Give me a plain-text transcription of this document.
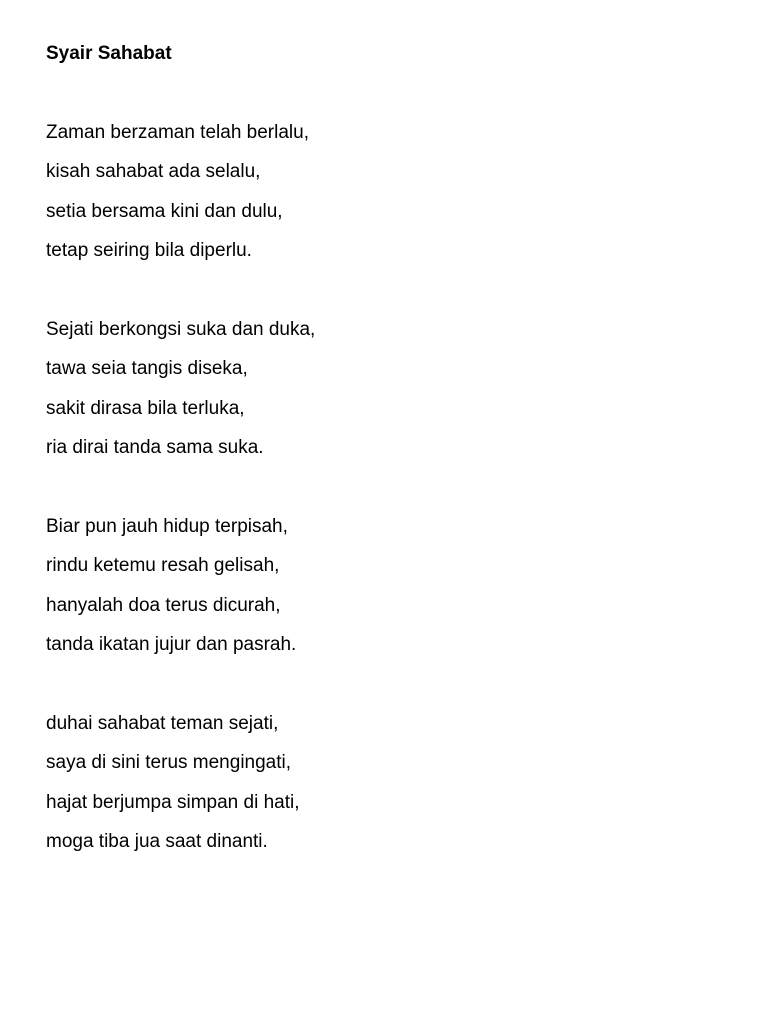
Syair Sahabat
Zaman berzaman telah berlalu,
kisah sahabat ada selalu,
setia bersama kini dan dulu,
tetap seiring bila diperlu.
Sejati berkongsi suka dan duka,
tawa seia tangis diseka,
sakit dirasa bila terluka,
ria dirai tanda sama suka.
Biar pun jauh hidup terpisah,
rindu ketemu resah gelisah,
hanyalah doa terus dicurah,
tanda ikatan jujur dan pasrah.
duhai sahabat teman sejati,
saya di sini terus mengingati,
hajat berjumpa simpan di hati,
moga tiba jua saat dinanti.
